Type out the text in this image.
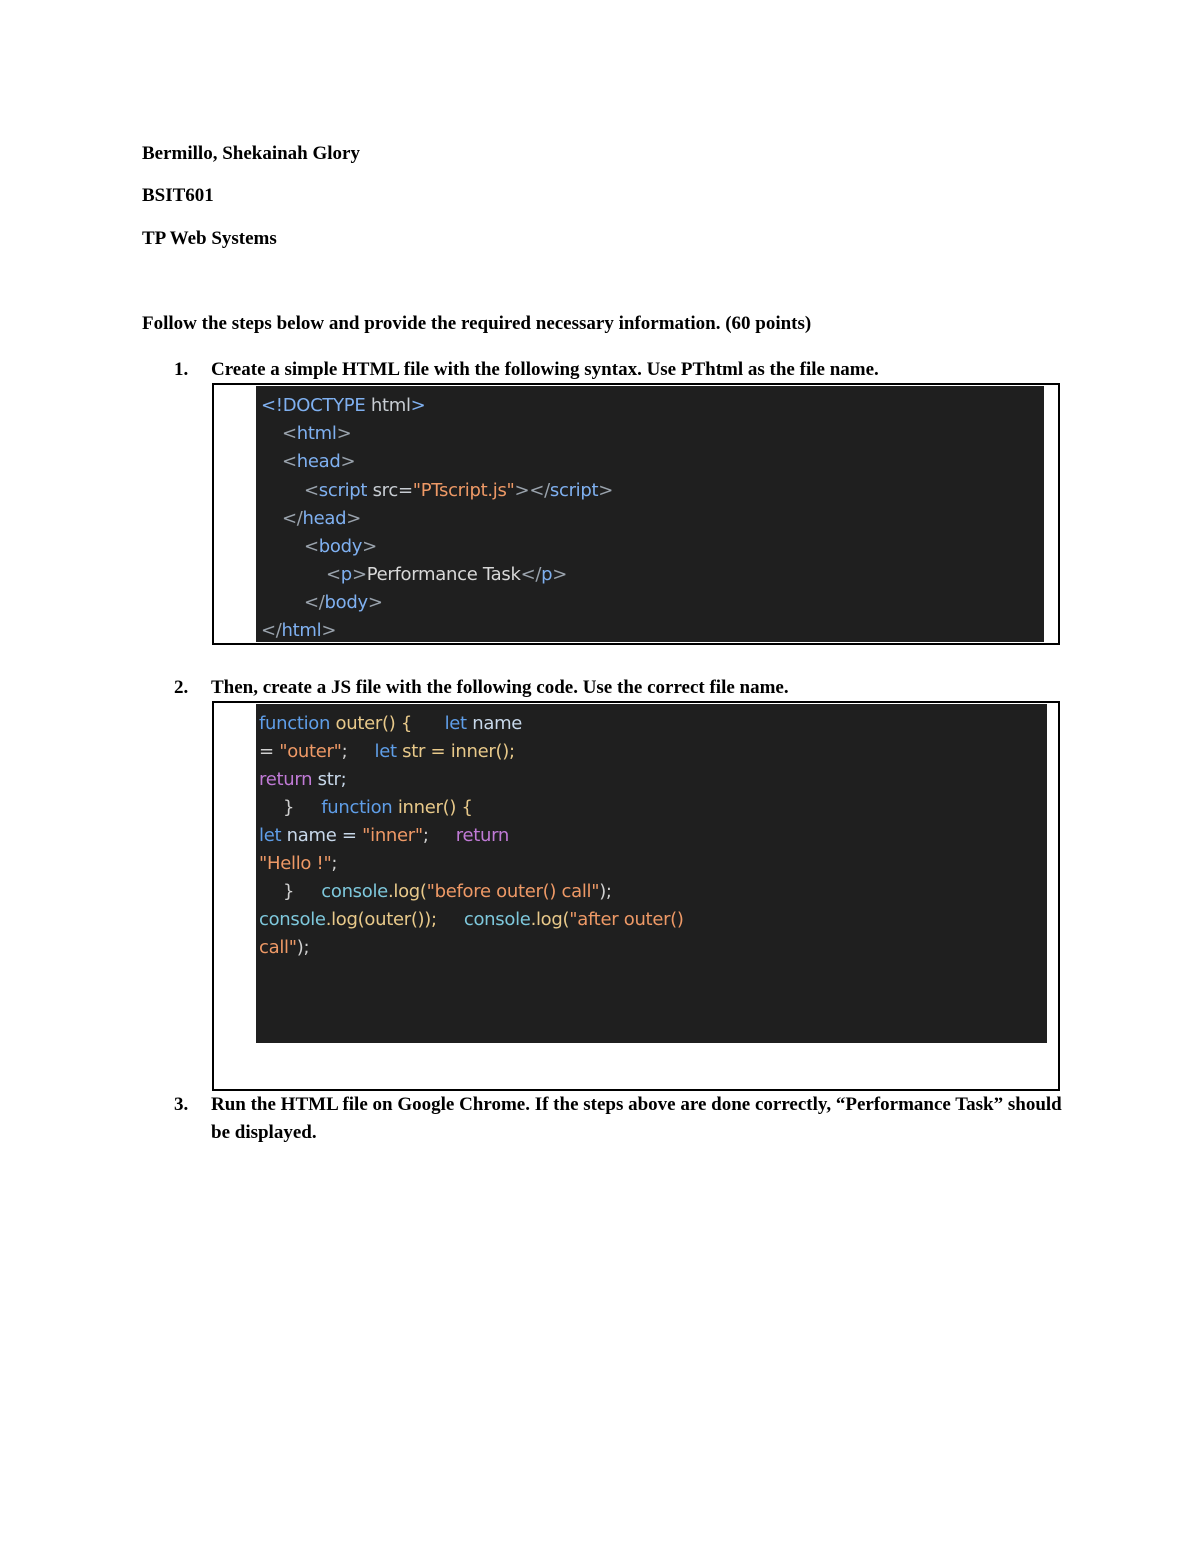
Bermillo, Shekainah Glory
BSIT601
TP Web Systems
Follow the steps below and provide the required necessary information. (60 points)
1. Create a simple HTML file with the following syntax. Use PThtml as the file name.
<!DOCTYPE html>
<html>
<head>
<script src="PTscript.js"></script>
</head>
<body>
<p>Performance Task</p>
</body>
</html>
2. Then, create a JS file with the following code. Use the correct file name.
function outer() { let name
= "outer"; let str = inner();
return str;
} function inner() {
let name = "inner"; return
"Hello !";
} console.log("before outer() call");
console.log(outer()); console.log("after outer()
call");
3. Run the HTML file on Google Chrome. If the steps above are done correctly, “Performance Task” should be displayed.
